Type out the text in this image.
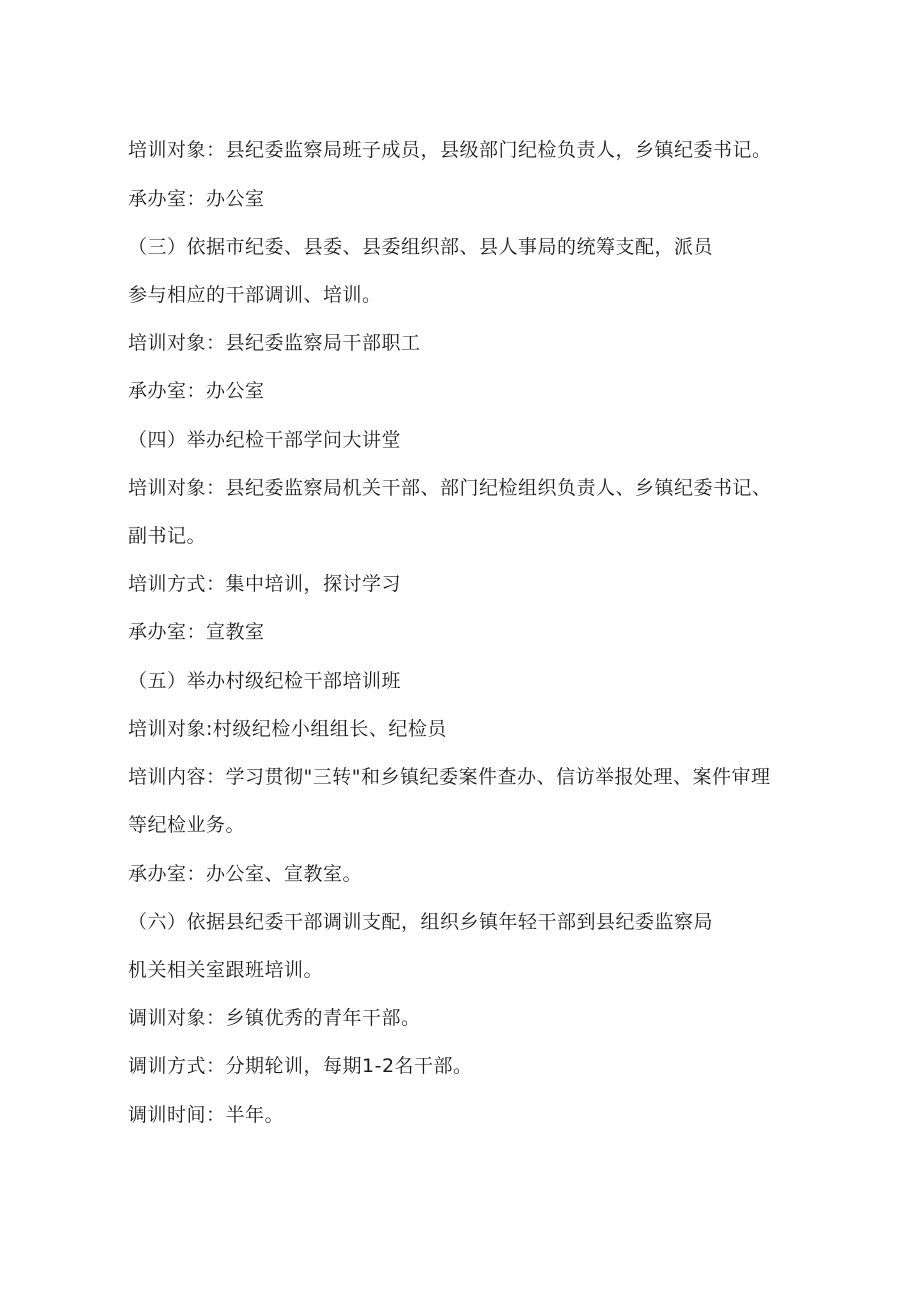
培训对象：县纪委监察局班子成员，县级部门纪检负责人，乡镇纪委书记。
承办室：办公室
（三）依据市纪委、县委、县委组织部、县人事局的统筹支配，派员
参与相应的干部调训、培训。
培训对象：县纪委监察局干部职工
承办室：办公室
（四）举办纪检干部学问大讲堂
培训对象：县纪委监察局机关干部、部门纪检组织负责人、乡镇纪委书记、
副书记。
培训方式：集中培训，探讨学习
承办室：宣教室
（五）举办村级纪检干部培训班
培训对象:村级纪检小组组长、纪检员
培训内容：学习贯彻"三转"和乡镇纪委案件查办、信访举报处理、案件审理
等纪检业务。
承办室：办公室、宣教室。
（六）依据县纪委干部调训支配，组织乡镇年轻干部到县纪委监察局
机关相关室跟班培训。
调训对象：乡镇优秀的青年干部。
调训方式：分期轮训，每期1-2名干部。
调训时间：半年。
